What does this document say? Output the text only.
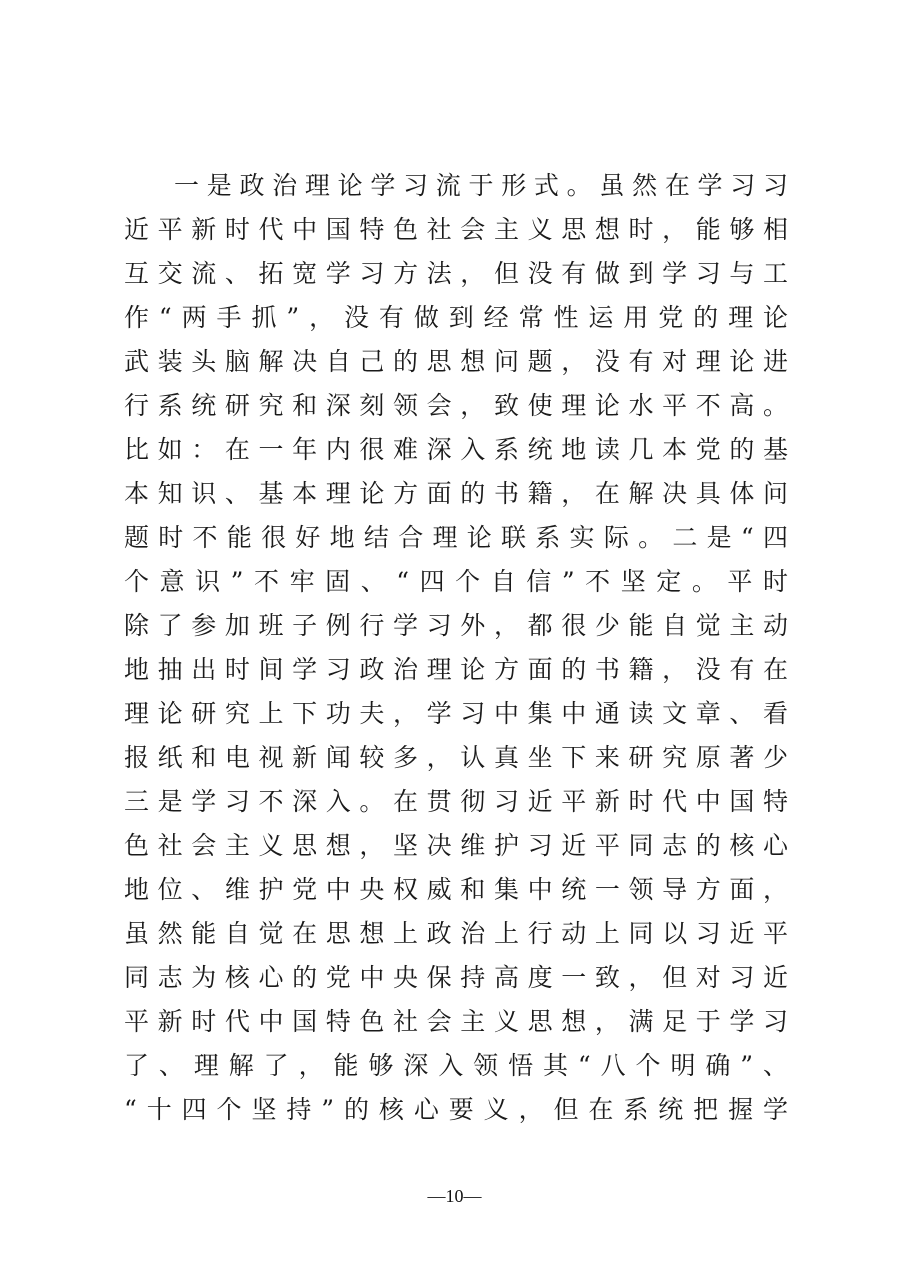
一是政治理论学习流于形式。虽然在学习习
近平新时代中国特色社会主义思想时，能够相
互交流、拓宽学习方法，但没有做到学习与工
作“两手抓”，没有做到经常性运用党的理论
武装头脑解决自己的思想问题，没有对理论进
行系统研究和深刻领会，致使理论水平不高。
比如：在一年内很难深入系统地读几本党的基
本知识、基本理论方面的书籍，在解决具体问
题时不能很好地结合理论联系实际。二是“四
个意识”不牢固、“四个自信”不坚定。平时
除了参加班子例行学习外，都很少能自觉主动
地抽出时间学习政治理论方面的书籍，没有在
理论研究上下功夫，学习中集中通读文章、看
报纸和电视新闻较多，认真坐下来研究原著少
三是学习不深入。在贯彻习近平新时代中国特
色社会主义思想，坚决维护习近平同志的核心
地位、维护党中央权威和集中统一领导方面，
虽然能自觉在思想上政治上行动上同以习近平
同志为核心的党中央保持高度一致，但对习近
平新时代中国特色社会主义思想，满足于学习
了、理解了，能够深入领悟其“八个明确”、
“十四个坚持”的核心要义，但在系统把握学
—10—
